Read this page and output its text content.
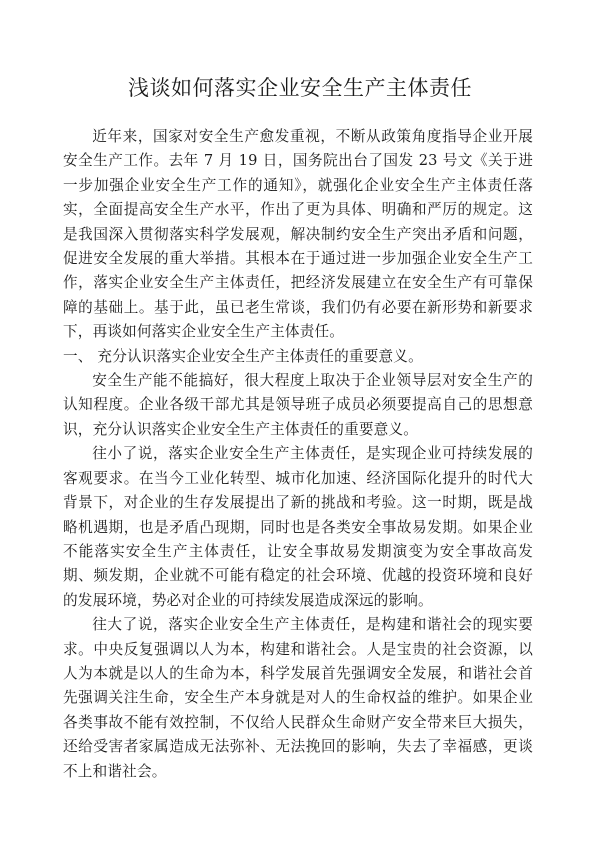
浅谈如何落实企业安全生产主体责任

近年来，国家对安全生产愈发重视，不断从政策角度指导企业开展安全生产工作。去年 7 月 19 日，国务院出台了国发 23 号文《关于进一步加强企业安全生产工作的通知》，就强化企业安全生产主体责任落实，全面提高安全生产水平，作出了更为具体、明确和严厉的规定。这是我国深入贯彻落实科学发展观，解决制约安全生产突出矛盾和问题，促进安全发展的重大举措。其根本在于通过进一步加强企业安全生产工作，落实企业安全生产主体责任，把经济发展建立在安全生产有可靠保障的基础上。基于此，虽已老生常谈，我们仍有必要在新形势和新要求下，再谈如何落实企业安全生产主体责任。

一、 充分认识落实企业安全生产主体责任的重要意义。

安全生产能不能搞好，很大程度上取决于企业领导层对安全生产的认知程度。企业各级干部尤其是领导班子成员必须要提高自己的思想意识，充分认识落实企业安全生产主体责任的重要意义。

往小了说，落实企业安全生产主体责任，是实现企业可持续发展的客观要求。在当今工业化转型、城市化加速、经济国际化提升的时代大背景下，对企业的生存发展提出了新的挑战和考验。这一时期，既是战略机遇期，也是矛盾凸现期，同时也是各类安全事故易发期。如果企业不能落实安全生产主体责任，让安全事故易发期演变为安全事故高发期、频发期，企业就不可能有稳定的社会环境、优越的投资环境和良好的发展环境，势必对企业的可持续发展造成深远的影响。

往大了说，落实企业安全生产主体责任，是构建和谐社会的现实要求。中央反复强调以人为本，构建和谐社会。人是宝贵的社会资源，以人为本就是以人的生命为本，科学发展首先强调安全发展，和谐社会首先强调关注生命，安全生产本身就是对人的生命权益的维护。如果企业各类事故不能有效控制，不仅给人民群众生命财产安全带来巨大损失，还给受害者家属造成无法弥补、无法挽回的影响，失去了幸福感，更谈不上和谐社会。
